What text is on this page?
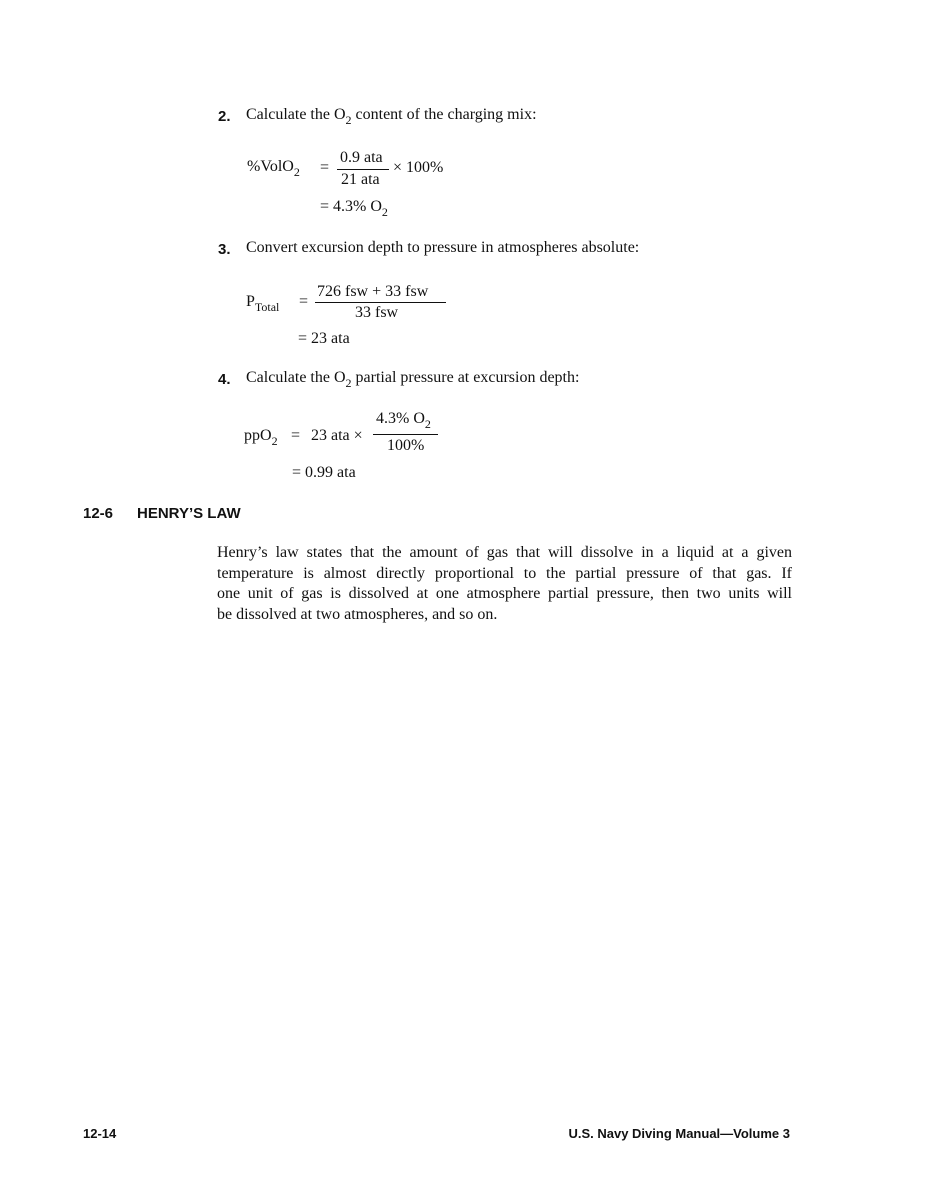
2. Calculate the $O_2$ content of the charging mix:
%VolO$_2$ =
0.9 ata
21 ata
× 100%
= 4.3% $O_2$
3. Convert excursion depth to pressure in atmospheres absolute:
$P_{Total}$ =
726 fsw + 33 fsw
33 fsw
= 23 ata
4. Calculate the $O_2$ partial pressure at excursion depth:
ppO$_2$ = 23 ata ×
4.3% $O_2$
100%
= 0.99 ata
12-6 HENRY’S LAW
Henry’s law states that the amount of gas that will dissolve in a liquid at a given
temperature is almost directly proportional to the partial pressure of that gas. If
one unit of gas is dissolved at one atmosphere partial pressure, then two units will
be dissolved at two atmospheres, and so on.
12-14	U.S. Navy Diving Manual—Volume 3
